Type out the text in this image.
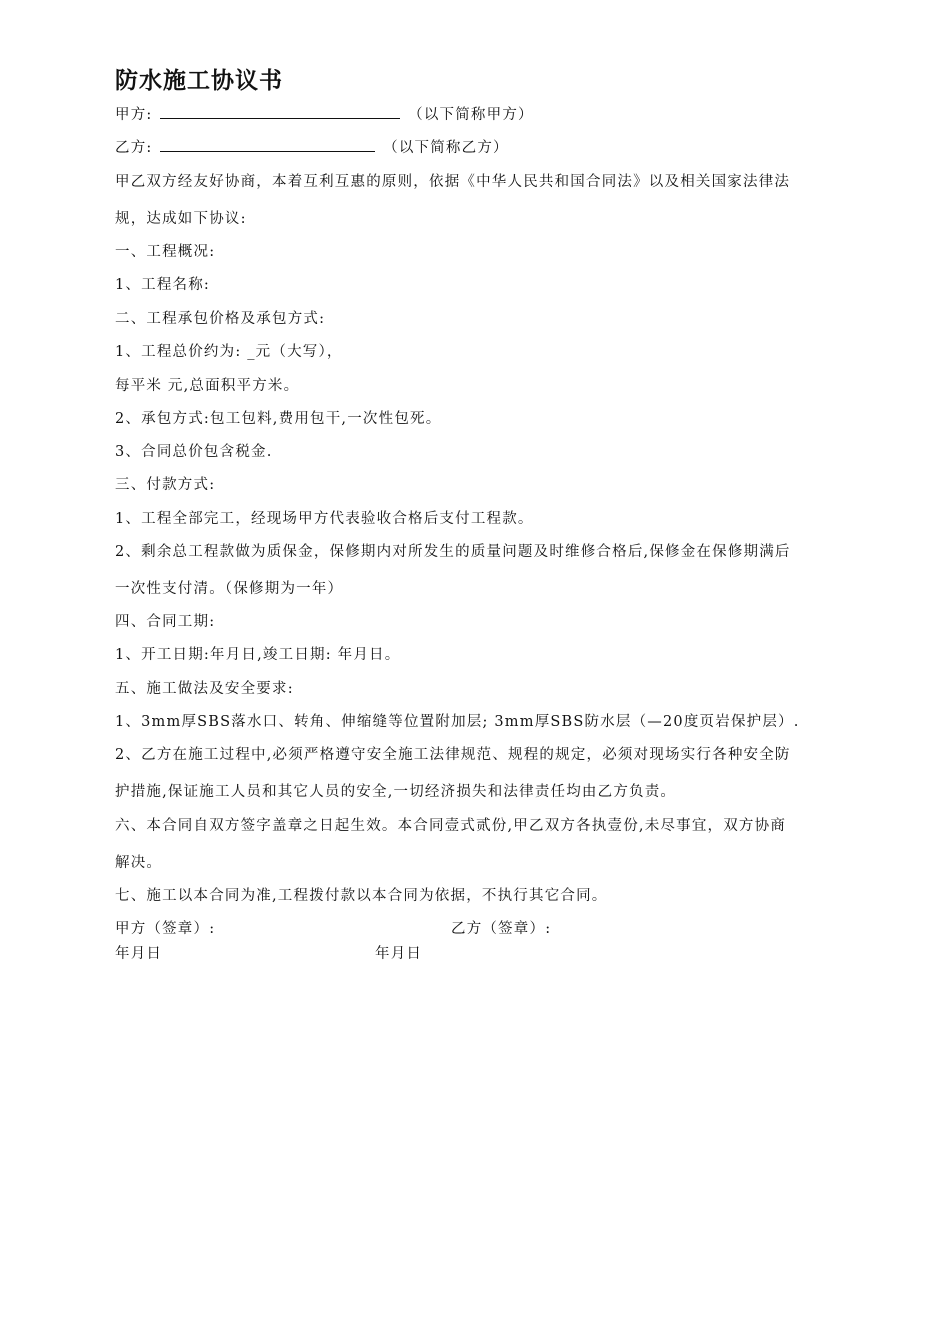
防水施工协议书
甲方:	（以下简称甲方）
乙方:	（以下简称乙方）
甲乙双方经友好协商，本着互利互惠的原则，依据《中华人民共和国合同法》以及相关国家法律法
规，达成如下协议:
一、工程概况:
1、工程名称:
二、工程承包价格及承包方式:
1、工程总价约为: _元（大写），
每平米 元,总面积平方米。
2、承包方式:包工包料,费用包干,一次性包死。
3、合同总价包含税金.
三、付款方式:
1、工程全部完工，经现场甲方代表验收合格后支付工程款。
2、剩余总工程款做为质保金，保修期内对所发生的质量问题及时维修合格后,保修金在保修期满后
一次性支付清。（保修期为一年）
四、合同工期:
1、开工日期:年月日,竣工日期: 年月日。
五、施工做法及安全要求:
1、3mm厚SBS落水口、转角、伸缩缝等位置附加层; 3mm厚SBS防水层（—20度页岩保护层）.
2、乙方在施工过程中,必须严格遵守安全施工法律规范、规程的规定，必须对现场实行各种安全防
护措施,保证施工人员和其它人员的安全,一切经济损失和法律责任均由乙方负责。
六、本合同自双方签字盖章之日起生效。本合同壹式贰份,甲乙双方各执壹份,未尽事宜，双方协商
解决。
七、施工以本合同为准,工程拨付款以本合同为依据，不执行其它合同。
甲方（签章）:	乙方（签章）:
年月日	年月日
